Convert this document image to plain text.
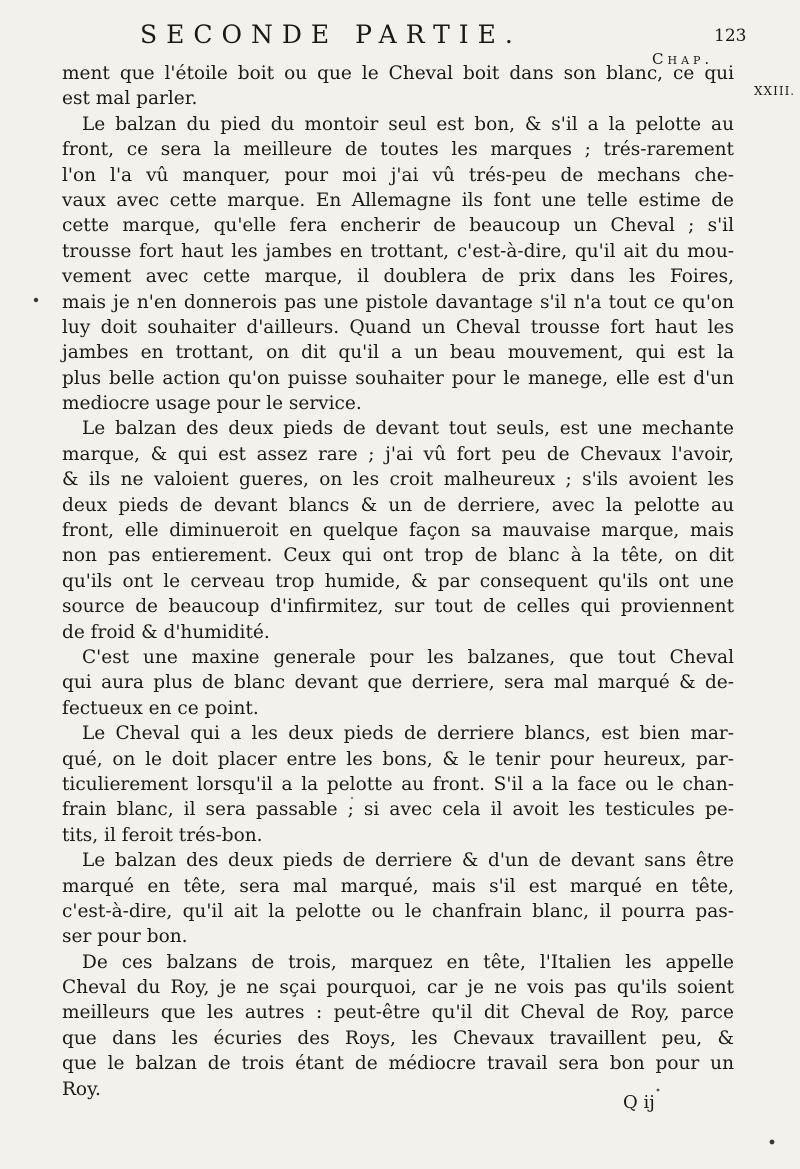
SECONDE PARTIE.	123
Chap.
XXIII.
ment que l'étoile boit ou que le Cheval boit dans son blanc, ce qui
est mal parler.
Le balzan du pied du montoir seul est bon, & s'il a la pelotte au
front, ce sera la meilleure de toutes les marques ; trés-rarement
l'on l'a vû manquer, pour moi j'ai vû trés-peu de mechans che-
vaux avec cette marque. En Allemagne ils font une telle estime de
cette marque, qu'elle fera encherir de beaucoup un Cheval ; s'il
trousse fort haut les jambes en trottant, c'est-à-dire, qu'il ait du mou-
vement avec cette marque, il doublera de prix dans les Foires,
mais je n'en donnerois pas une pistole davantage s'il n'a tout ce qu'on
luy doit souhaiter d'ailleurs. Quand un Cheval trousse fort haut les
jambes en trottant, on dit qu'il a un beau mouvement, qui est la
plus belle action qu'on puisse souhaiter pour le manege, elle est d'un
mediocre usage pour le service.
Le balzan des deux pieds de devant tout seuls, est une mechante
marque, & qui est assez rare ; j'ai vû fort peu de Chevaux l'avoir,
& ils ne valoient gueres, on les croit malheureux ; s'ils avoient les
deux pieds de devant blancs & un de derriere, avec la pelotte au
front, elle diminueroit en quelque façon sa mauvaise marque, mais
non pas entierement. Ceux qui ont trop de blanc à la tête, on dit
qu'ils ont le cerveau trop humide, & par consequent qu'ils ont une
source de beaucoup d'infirmitez, sur tout de celles qui proviennent
de froid & d'humidité.
C'est une maxine generale pour les balzanes, que tout Cheval
qui aura plus de blanc devant que derriere, sera mal marqué & de-
fectueux en ce point.
Le Cheval qui a les deux pieds de derriere blancs, est bien mar-
qué, on le doit placer entre les bons, & le tenir pour heureux, par-
ticulierement lorsqu'il a la pelotte au front. S'il a la face ou le chan-
frain blanc, il sera passable ; si avec cela il avoit les testicules pe-
tits, il feroit trés-bon.
Le balzan des deux pieds de derriere & d'un de devant sans être
marqué en tête, sera mal marqué, mais s'il est marqué en tête,
c'est-à-dire, qu'il ait la pelotte ou le chanfrain blanc, il pourra pas-
ser pour bon.
De ces balzans de trois, marquez en tête, l'Italien les appelle
Cheval du Roy, je ne sçai pourquoi, car je ne vois pas qu'ils soient
meilleurs que les autres : peut-être qu'il dit Cheval de Roy, parce
que dans les écuries des Roys, les Chevaux travaillent peu, &
que le balzan de trois étant de médiocre travail sera bon pour un
Roy.
Q ij
